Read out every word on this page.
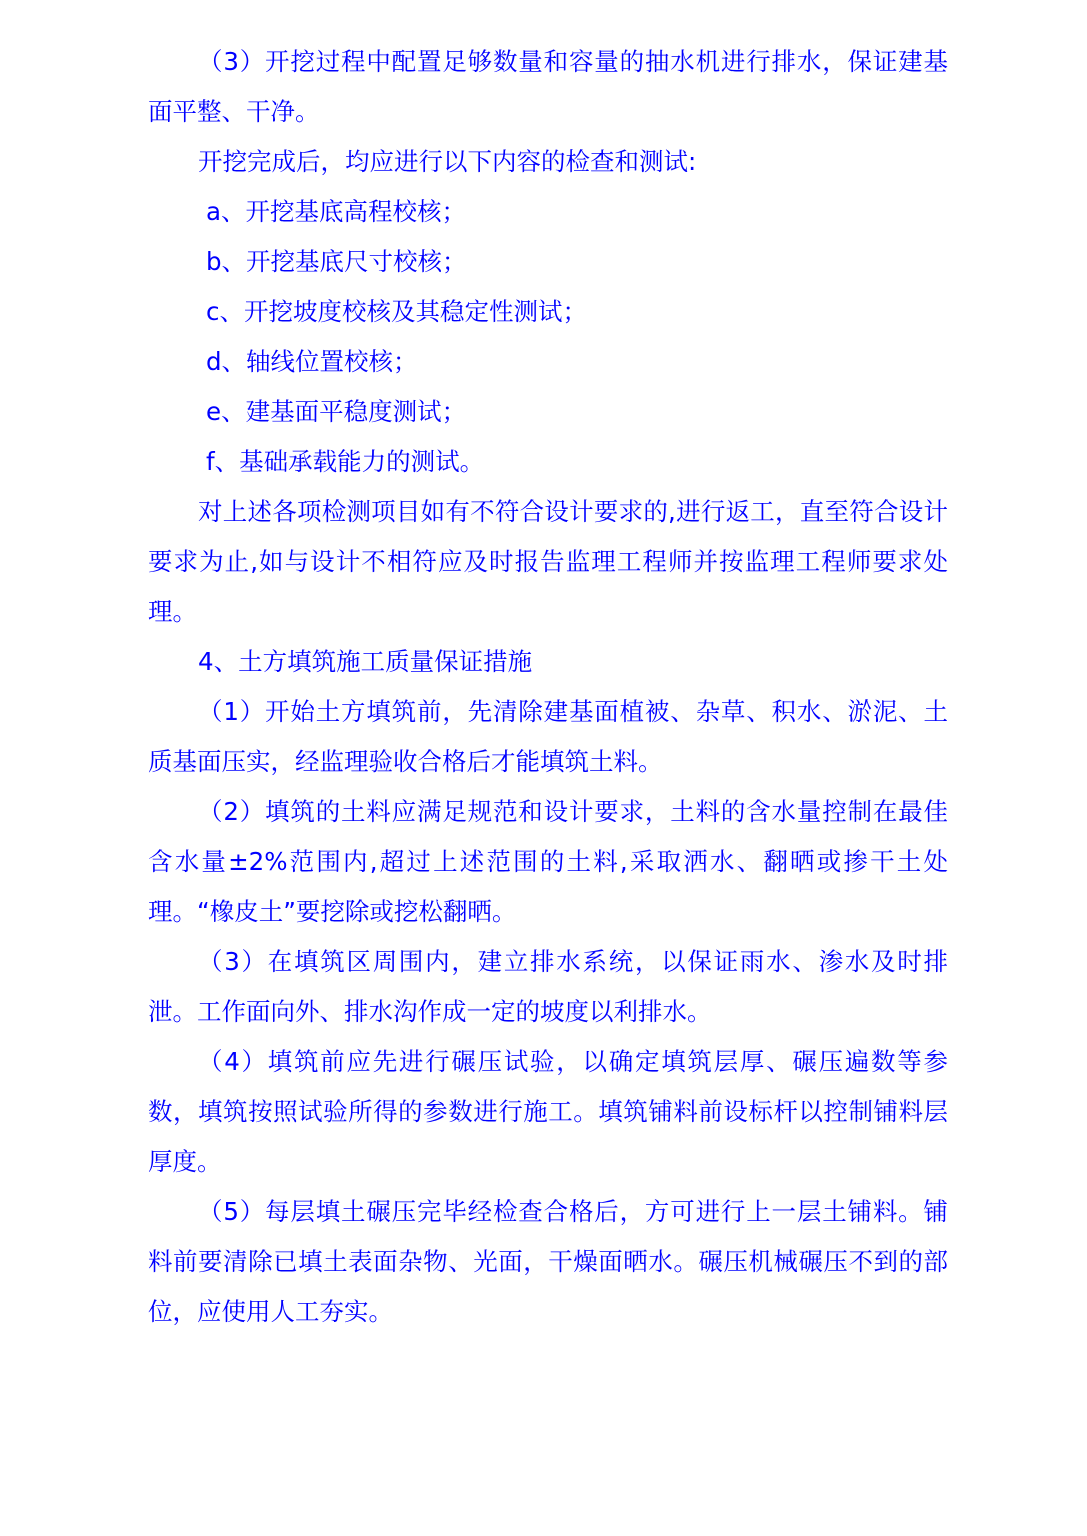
（3）开挖过程中配置足够数量和容量的抽水机进行排水，保证建基面平整、干净。

开挖完成后，均应进行以下内容的检查和测试:

a、开挖基底高程校核；

b、开挖基底尺寸校核；

c、开挖坡度校核及其稳定性测试；

d、轴线位置校核；

e、建基面平稳度测试；

f、基础承载能力的测试。

对上述各项检测项目如有不符合设计要求的,进行返工，直至符合设计要求为止,如与设计不相符应及时报告监理工程师并按监理工程师要求处理。

4、土方填筑施工质量保证措施

（1）开始土方填筑前，先清除建基面植被、杂草、积水、淤泥、土质基面压实，经监理验收合格后才能填筑土料。

（2）填筑的土料应满足规范和设计要求，土料的含水量控制在最佳含水量±2%范围内,超过上述范围的土料,采取洒水、翻晒或掺干土处理。“橡皮土”要挖除或挖松翻晒。

（3）在填筑区周围内，建立排水系统，以保证雨水、渗水及时排泄。工作面向外、排水沟作成一定的坡度以利排水。

（4）填筑前应先进行碾压试验，以确定填筑层厚、碾压遍数等参数，填筑按照试验所得的参数进行施工。填筑铺料前设标杆以控制铺料层厚度。

（5）每层填土碾压完毕经检查合格后，方可进行上一层土铺料。铺料前要清除已填土表面杂物、光面，干燥面晒水。碾压机械碾压不到的部位，应使用人工夯实。
